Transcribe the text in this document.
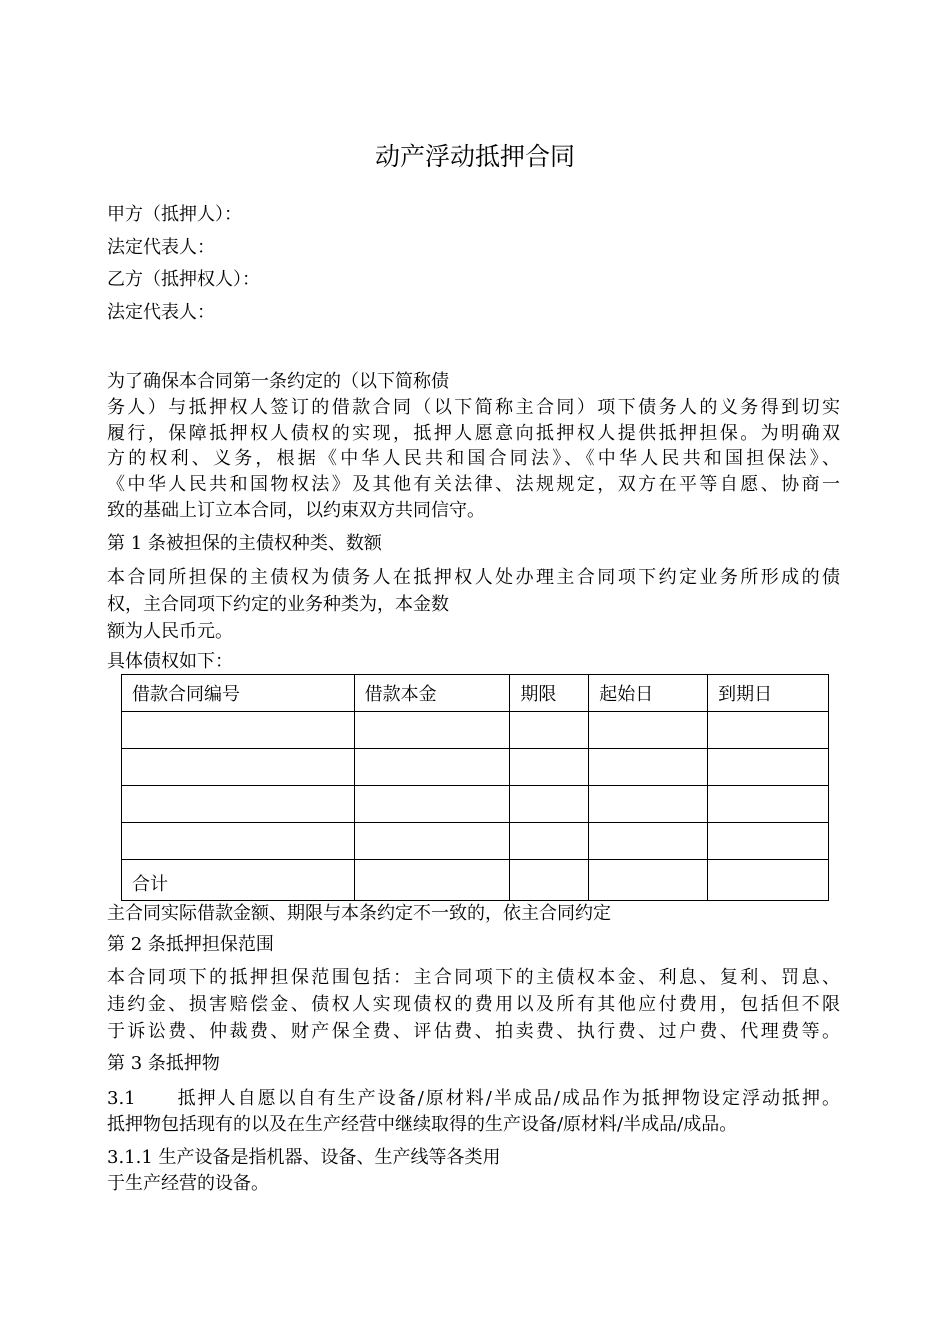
动产浮动抵押合同
甲方（抵押人）：
法定代表人：
乙方（抵押权人）：
法定代表人：
为了确保本合同第一条约定的（以下简称债
务人）与抵押权人签订的借款合同（以下简称主合同）项下债务人的义务得到切实
履行，保障抵押权人债权的实现，抵押人愿意向抵押权人提供抵押担保。为明确双
方的权利、义务，根据《中华人民共和国合同法》、《中华人民共和国担保法》、
《中华人民共和国物权法》及其他有关法律、法规规定，双方在平等自愿、协商一
致的基础上订立本合同，以约束双方共同信守。
第 1 条被担保的主债权种类、数额
本合同所担保的主债权为债务人在抵押权人处办理主合同项下约定业务所形成的债
权，主合同项下约定的业务种类为，本金数
额为人民币元。
具体债权如下：
借款合同编号	借款本金	期限	起始日	到期日

合计				
主合同实际借款金额、期限与本条约定不一致的，依主合同约定
第 2 条抵押担保范围
本合同项下的抵押担保范围包括：主合同项下的主债权本金、利息、复利、罚息、
违约金、损害赔偿金、债权人实现债权的费用以及所有其他应付费用，包括但不限
于诉讼费、仲裁费、财产保全费、评估费、拍卖费、执行费、过户费、代理费等。
第 3 条抵押物
3.1　　抵押人自愿以自有生产设备/原材料/半成品/成品作为抵押物设定浮动抵押。
抵押物包括现有的以及在生产经营中继续取得的生产设备/原材料/半成品/成品。
3.1.1 生产设备是指机器、设备、生产线等各类用
于生产经营的设备。
